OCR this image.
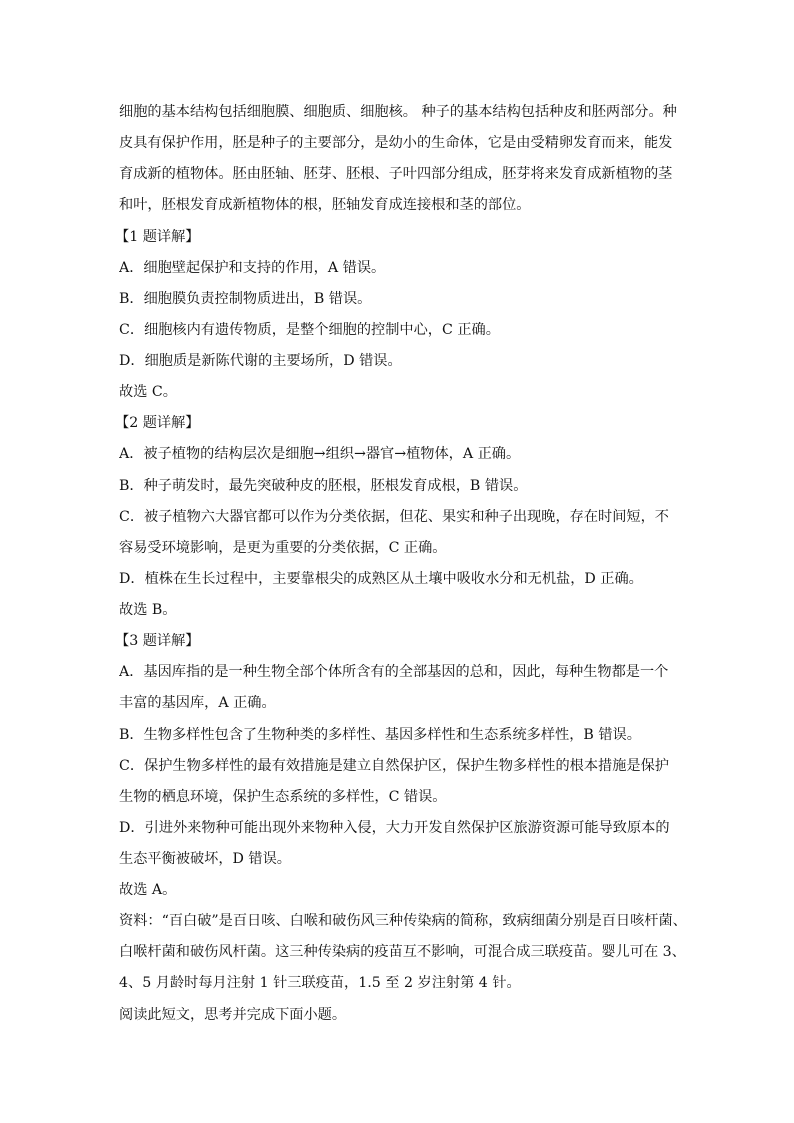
细胞的基本结构包括细胞膜、细胞质、细胞核。 种子的基本结构包括种皮和胚两部分。种
皮具有保护作用，胚是种子的主要部分，是幼小的生命体，它是由受精卵发育而来，能发
育成新的植物体。胚由胚轴、胚芽、胚根、子叶四部分组成，胚芽将来发育成新植物的茎
和叶，胚根发育成新植物体的根，胚轴发育成连接根和茎的部位。
【1 题详解】
A．细胞壁起保护和支持的作用，A 错误。
B．细胞膜负责控制物质进出，B 错误。
C．细胞核内有遗传物质，是整个细胞的控制中心，C 正确。
D．细胞质是新陈代谢的主要场所，D 错误。
故选 C。
【2 题详解】
A．被子植物的结构层次是细胞→组织→器官→植物体，A 正确。
B．种子萌发时，最先突破种皮的胚根，胚根发育成根，B 错误。
C．被子植物六大器官都可以作为分类依据，但花、果实和种子出现晚，存在时间短，不
容易受环境影响，是更为重要的分类依据，C 正确。
D．植株在生长过程中，主要靠根尖的成熟区从土壤中吸收水分和无机盐，D 正确。
故选 B。
【3 题详解】
A．基因库指的是一种生物全部个体所含有的全部基因的总和，因此，每种生物都是一个
丰富的基因库，A 正确。
B．生物多样性包含了生物种类的多样性、基因多样性和生态系统多样性，B 错误。
C．保护生物多样性的最有效措施是建立自然保护区，保护生物多样性的根本措施是保护
生物的栖息环境，保护生态系统的多样性，C 错误。
D．引进外来物种可能出现外来物种入侵，大力开发自然保护区旅游资源可能导致原本的
生态平衡被破坏，D 错误。
故选 A。
资料：“百白破”是百日咳、白喉和破伤风三种传染病的简称，致病细菌分别是百日咳杆菌、
白喉杆菌和破伤风杆菌。这三种传染病的疫苗互不影响，可混合成三联疫苗。婴儿可在 3、
4、5 月龄时每月注射 1 针三联疫苗，1.5 至 2 岁注射第 4 针。
阅读此短文，思考并完成下面小题。
